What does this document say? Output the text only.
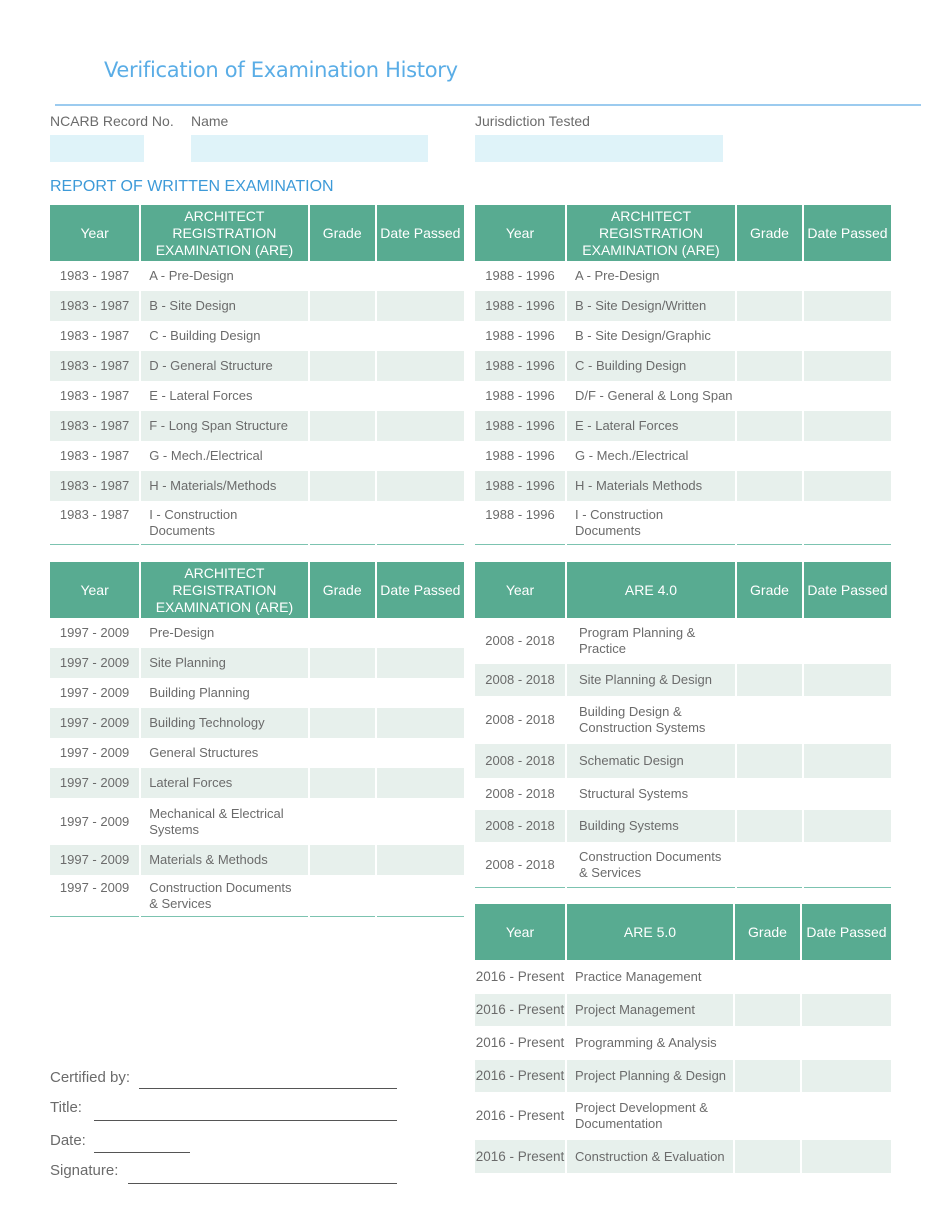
Verification of Examination History
NCARB Record No. Name	Jurisdiction Tested
REPORT OF WRITTEN EXAMINATION
Year	ARCHITECT REGISTRATION EXAMINATION (ARE)	Grade	Date Passed
1983 - 1987	A - Pre-Design		
1983 - 1987	B - Site Design		
1983 - 1987	C - Building Design		
1983 - 1987	D - General Structure		
1983 - 1987	E - Lateral Forces		
1983 - 1987	F - Long Span Structure		
1983 - 1987	G - Mech./Electrical		
1983 - 1987	H - Materials/Methods		
1983 - 1987	I - Construction Documents		
Year	ARCHITECT REGISTRATION EXAMINATION (ARE)	Grade	Date Passed
1988 - 1996	A - Pre-Design		
1988 - 1996	B - Site Design/Written		
1988 - 1996	B - Site Design/Graphic		
1988 - 1996	C - Building Design		
1988 - 1996	D/F - General & Long Span		
1988 - 1996	E - Lateral Forces		
1988 - 1996	G - Mech./Electrical		
1988 - 1996	H - Materials Methods		
1988 - 1996	I - Construction Documents		
Year	ARCHITECT REGISTRATION EXAMINATION (ARE)	Grade	Date Passed
1997 - 2009	Pre-Design		
1997 - 2009	Site Planning		
1997 - 2009	Building Planning		
1997 - 2009	Building Technology		
1997 - 2009	General Structures		
1997 - 2009	Lateral Forces		
1997 - 2009	Mechanical & Electrical Systems		
1997 - 2009	Materials & Methods		
1997 - 2009	Construction Documents & Services		
Year	ARE 4.0	Grade	Date Passed
2008 - 2018	Program Planning & Practice		
2008 - 2018	Site Planning & Design		
2008 - 2018	Building Design & Construction Systems		
2008 - 2018	Schematic Design		
2008 - 2018	Structural Systems		
2008 - 2018	Building Systems		
2008 - 2018	Construction Documents & Services		
Year	ARE 5.0	Grade	Date Passed
2016 - Present	Practice Management		
2016 - Present	Project Management		
2016 - Present	Programming & Analysis		
2016 - Present	Project Planning & Design		
2016 - Present	Project Development & Documentation		
2016 - Present	Construction & Evaluation		
Certified by:
Title:
Date:
Signature:
